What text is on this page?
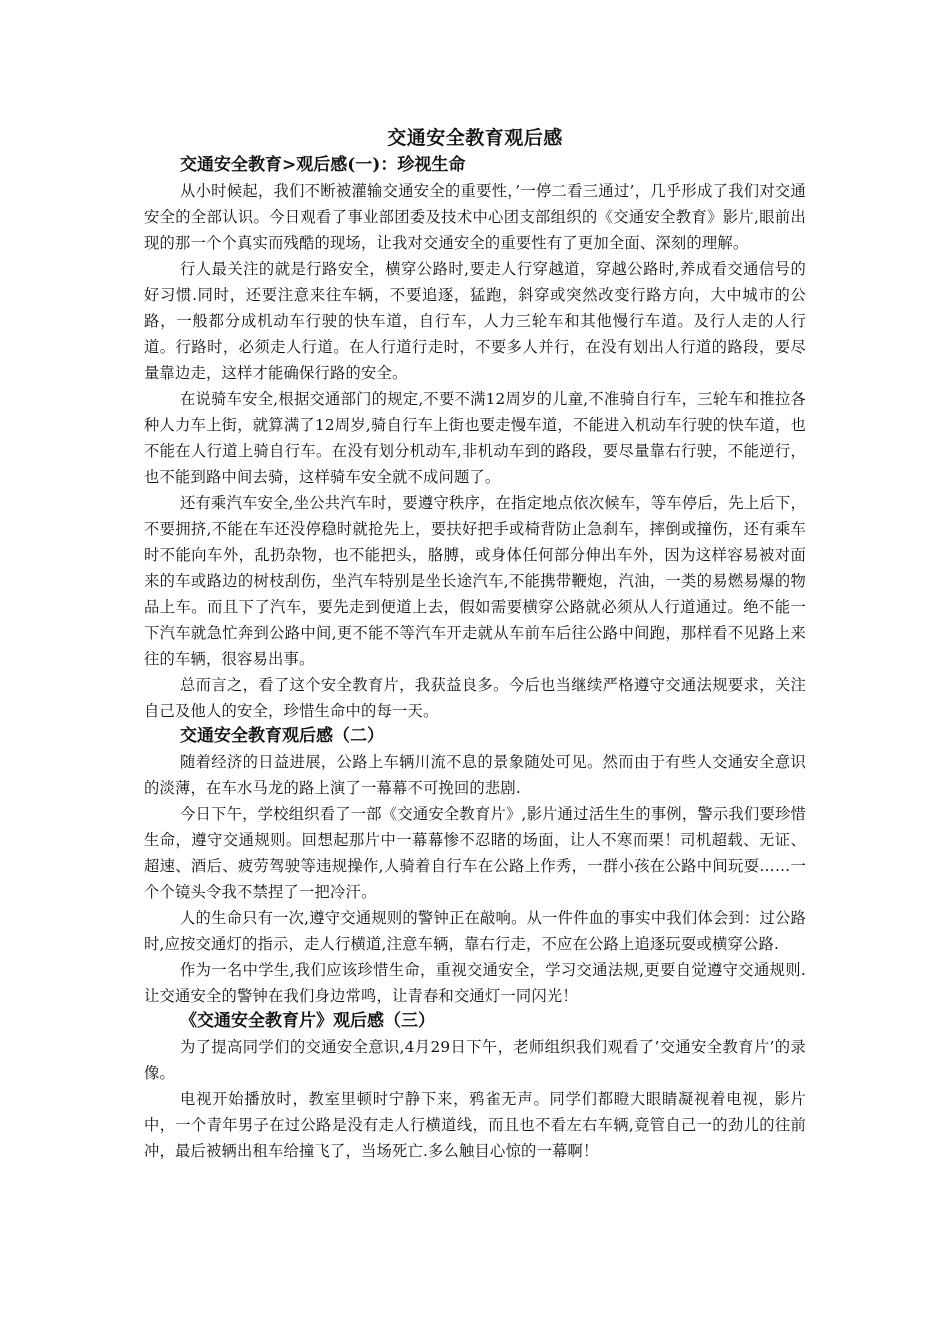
交通安全教育观后感
交通安全教育>观后感(一)：珍视生命

从小时候起，我们不断被灌输交通安全的重要性，’一停二看三通过’，几乎形成了我们对交通安全的全部认识。今日观看了事业部团委及技术中心团支部组织的《交通安全教育》影片,眼前出现的那一个个真实而残酷的现场，让我对交通安全的重要性有了更加全面、深刻的理解。

行人最关注的就是行路安全，横穿公路时,要走人行穿越道，穿越公路时,养成看交通信号的好习惯.同时，还要注意来往车辆，不要追逐，猛跑，斜穿或突然改变行路方向，大中城市的公路，一般都分成机动车行驶的快车道，自行车，人力三轮车和其他慢行车道。及行人走的人行道。行路时，必须走人行道。在人行道行走时，不要多人并行，在没有划出人行道的路段，要尽量靠边走，这样才能确保行路的安全。

在说骑车安全,根据交通部门的规定,不要不满12周岁的儿童,不准骑自行车，三轮车和推拉各种人力车上街，就算满了12周岁,骑自行车上街也要走慢车道，不能进入机动车行驶的快车道，也不能在人行道上骑自行车。在没有划分机动车,非机动车到的路段，要尽量靠右行驶，不能逆行，也不能到路中间去骑，这样骑车安全就不成问题了。

还有乘汽车安全,坐公共汽车时，要遵守秩序，在指定地点依次候车，等车停后，先上后下，不要拥挤,不能在车还没停稳时就抢先上，要扶好把手或椅背防止急刹车，摔倒或撞伤，还有乘车时不能向车外，乱扔杂物，也不能把头，胳膊，或身体任何部分伸出车外，因为这样容易被对面来的车或路边的树枝刮伤，坐汽车特别是坐长途汽车,不能携带鞭炮，汽油，一类的易燃易爆的物品上车。而且下了汽车，要先走到便道上去，假如需要横穿公路就必须从人行道通过。绝不能一下汽车就急忙奔到公路中间,更不能不等汽车开走就从车前车后往公路中间跑，那样看不见路上来往的车辆，很容易出事。

总而言之，看了这个安全教育片，我获益良多。今后也当继续严格遵守交通法规要求，关注自己及他人的安全，珍惜生命中的每一天。

交通安全教育观后感（二）

随着经济的日益进展，公路上车辆川流不息的景象随处可见。然而由于有些人交通安全意识的淡薄，在车水马龙的路上演了一幕幕不可挽回的悲剧.

今日下午，学校组织看了一部《交通安全教育片》,影片通过活生生的事例，警示我们要珍惜生命，遵守交通规则。回想起那片中一幕幕惨不忍睹的场面，让人不寒而栗！司机超载、无证、超速、酒后、疲劳驾驶等违规操作,人骑着自行车在公路上作秀，一群小孩在公路中间玩耍……一个个镜头令我不禁捏了一把冷汗。

人的生命只有一次,遵守交通规则的警钟正在敲响。从一件件血的事实中我们体会到：过公路时,应按交通灯的指示，走人行横道,注意车辆，靠右行走，不应在公路上追逐玩耍或横穿公路.

作为一名中学生,我们应该珍惜生命，重视交通安全，学习交通法规,更要自觉遵守交通规则.让交通安全的警钟在我们身边常鸣，让青春和交通灯一同闪光！

《交通安全教育片》观后感（三）

为了提高同学们的交通安全意识,4月29日下午，老师组织我们观看了’交通安全教育片’的录像。

电视开始播放时，教室里顿时宁静下来，鸦雀无声。同学们都瞪大眼睛凝视着电视，影片中，一个青年男子在过公路是没有走人行横道线，而且也不看左右车辆,竟管自己一的劲儿的往前冲，最后被辆出租车给撞飞了，当场死亡.多么触目心惊的一幕啊！
